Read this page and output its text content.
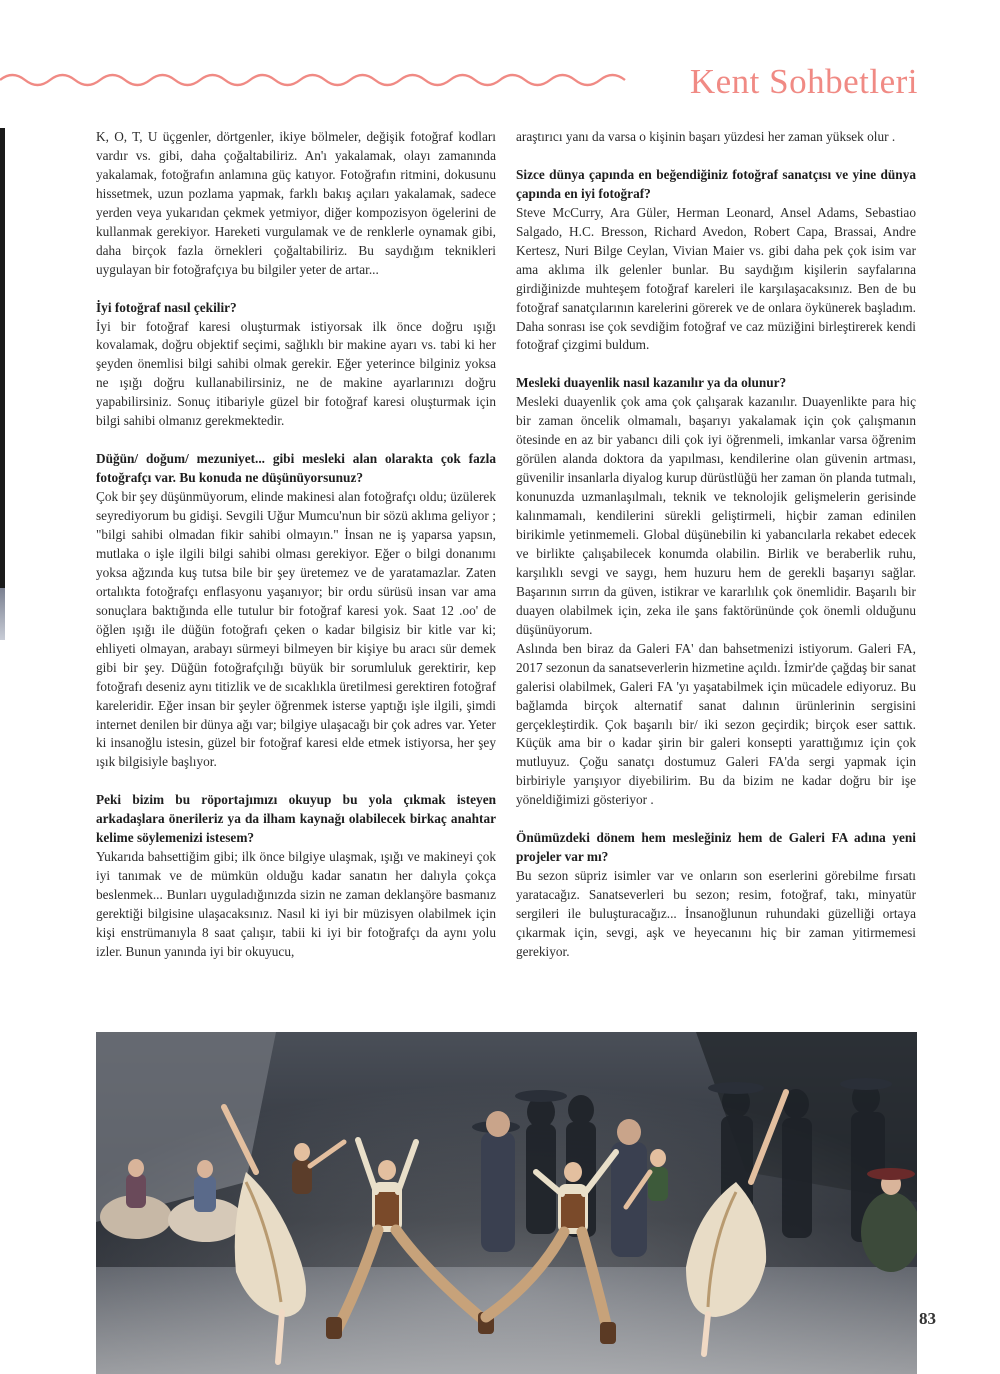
Kent Sohbetleri

K, O, T, U üçgenler, dörtgenler, ikiye bölmeler, değişik fotoğraf kodları vardır vs. gibi, daha çoğaltabiliriz. An'ı yakalamak, olayı zamanında yakalamak, fotoğrafın anlamına güç katıyor. Fotoğrafın ritmini, dokusunu hissetmek, uzun pozlama yapmak, farklı bakış açıları yakalamak, sadece yerden veya yukarıdan çekmek yetmiyor, diğer kompozisyon ögelerini de kullanmak gerekiyor. Hareketi vurgulamak ve de renklerle oynamak gibi, daha birçok fazla örnekleri çoğaltabiliriz. Bu saydığım teknikleri uygulayan bir fotoğrafçıya bu bilgiler yeter de artar...

İyi fotoğraf nasıl çekilir?

İyi bir fotoğraf karesi oluşturmak istiyorsak ilk önce doğru ışığı kovalamak, doğru objektif seçimi, sağlıklı bir makine ayarı vs. tabi ki her şeyden önemlisi bilgi sahibi olmak gerekir. Eğer yeterince bilginiz yoksa ne ışığı doğru kullanabilirsiniz, ne de makine ayarlarınızı doğru yapabilirsiniz. Sonuç itibariyle güzel bir fotoğraf karesi oluşturmak için bilgi sahibi olmanız gerekmektedir.

Düğün/ doğum/ mezuniyet... gibi mesleki alan olarakta çok fazla fotoğrafçı var. Bu konuda ne düşünüyorsunuz?

Çok bir şey düşünmüyorum, elinde makinesi alan fotoğrafçı oldu; üzülerek seyrediyorum bu gidişi. Sevgili Uğur Mumcu'nun bir sözü aklıma geliyor ; "bilgi sahibi olmadan fikir sahibi olmayın." İnsan ne iş yaparsa yapsın, mutlaka o işle ilgili bilgi sahibi olması gerekiyor. Eğer o bilgi donanımı yoksa ağzında kuş tutsa bile bir şey üretemez ve de yaratamazlar. Zaten ortalıkta fotoğrafçı enflasyonu yaşanıyor; bir ordu sürüsü insan var ama sonuçlara baktığında elle tutulur bir fotoğraf karesi yok. Saat 12 .oo' de öğlen ışığı ile düğün fotoğrafı çeken o kadar bilgisiz bir kitle var ki; ehliyeti olmayan, arabayı sürmeyi bilmeyen bir kişiye bu aracı sür demek gibi bir şey. Düğün fotoğrafçılığı büyük bir sorumluluk gerektirir, kep fotoğrafı deseniz aynı titizlik ve de sıcaklıkla üretilmesi gerektiren fotoğraf kareleridir. Eğer insan bir şeyler öğrenmek isterse yaptığı işle ilgili, şimdi internet denilen bir dünya ağı var; bilgiye ulaşacağı bir çok adres var. Yeter ki insanoğlu istesin, güzel bir fotoğraf karesi elde etmek istiyorsa, her şey ışık bilgisiyle başlıyor.

Peki bizim bu röportajımızı okuyup bu yola çıkmak isteyen arkadaşlara önerileriz ya da ilham kaynağı olabilecek birkaç anahtar kelime söylemenizi istesem?

Yukarıda bahsettiğim gibi; ilk önce bilgiye ulaşmak, ışığı ve makineyi çok iyi tanımak ve de mümkün olduğu kadar sanatın her dalıyla çokça beslenmek... Bunları uyguladığınızda sizin ne zaman deklanşöre basmanız gerektiği bilgisine ulaşacaksınız. Nasıl ki iyi bir müzisyen olabilmek için kişi enstrümanıyla 8 saat çalışır, tabii ki iyi bir fotoğrafçı da aynı yolu izler. Bunun yanında iyi bir okuyucu,

araştırıcı yanı da varsa o kişinin başarı yüzdesi her zaman yüksek olur .

Sizce dünya çapında en beğendiğiniz fotoğraf sanatçısı ve yine dünya çapında en iyi fotoğraf?

Steve McCurry, Ara Güler, Herman Leonard, Ansel Adams, Sebastiao Salgado, H.C. Bresson, Richard Avedon, Robert Capa, Brassai, Andre Kertesz, Nuri Bilge Ceylan, Vivian Maier vs. gibi daha pek çok isim var ama aklıma ilk gelenler bunlar. Bu saydığım kişilerin sayfalarına girdiğinizde muhteşem fotoğraf kareleri ile karşılaşacaksınız. Ben de bu fotoğraf sanatçılarının karelerini görerek ve de onlara öykünerek başladım. Daha sonrası ise çok sevdiğim fotoğraf ve caz müziğini birleştirerek kendi fotoğraf çizgimi buldum.

Mesleki duayenlik nasıl kazanılır ya da olunur?

Mesleki duayenlik çok ama çok çalışarak kazanılır. Duayenlikte para hiç bir zaman öncelik olmamalı, başarıyı yakalamak için çok çalışmanın ötesinde en az bir yabancı dili çok iyi öğrenmeli, imkanlar varsa öğrenim görülen alanda doktora da yapılması, kendilerine olan güvenin artması, güvenilir insanlarla diyalog kurup dürüstlüğü her zaman ön planda tutmalı, konunuzda uzmanlaşılmalı, teknik ve teknolojik gelişmelerin gerisinde kalınmamalı, kendilerini sürekli geliştirmeli, hiçbir zaman edinilen birikimle yetinmemeli. Global düşünebilin ki yabancılarla rekabet edecek ve birlikte çalışabilecek konumda olabilin. Birlik ve beraberlik ruhu, karşılıklı sevgi ve saygı, hem huzuru hem de gerekli başarıyı sağlar. Başarının sırrın da güven, istikrar ve kararlılık çok önemlidir. Başarılı bir duayen olabilmek için, zeka ile şans faktörününde çok önemli olduğunu düşünüyorum.

Aslında ben biraz da Galeri FA' dan bahsetmenizi istiyorum. Galeri FA, 2017 sezonun da sanatseverlerin hizmetine açıldı. İzmir'de çağdaş bir sanat galerisi olabilmek, Galeri FA 'yı yaşatabilmek için mücadele ediyoruz. Bu bağlamda birçok alternatif sanat dalının ürünlerinin sergisini gerçekleştirdik. Çok başarılı bir/ iki sezon geçirdik; birçok eser sattık. Küçük ama bir o kadar şirin bir galeri konsepti yarattığımız için çok mutluyuz. Çoğu sanatçı dostumuz Galeri FA'da sergi yapmak için birbiriyle yarışıyor diyebilirim. Bu da bizim ne kadar doğru bir işe yöneldiğimizi gösteriyor .

Önümüzdeki dönem hem mesleğiniz hem de Galeri FA adına yeni projeler var mı?

Bu sezon süpriz isimler var ve onların son eserlerini görebilme fırsatı yaratacağız. Sanatseverleri bu sezon; resim, fotoğraf, takı, minyatür sergileri ile buluşturacağız... İnsanoğlunun ruhundaki güzelliği ortaya çıkarmak için, sevgi, aşk ve heyecanını hiç bir zaman yitirmemesi gerekiyor.

83
